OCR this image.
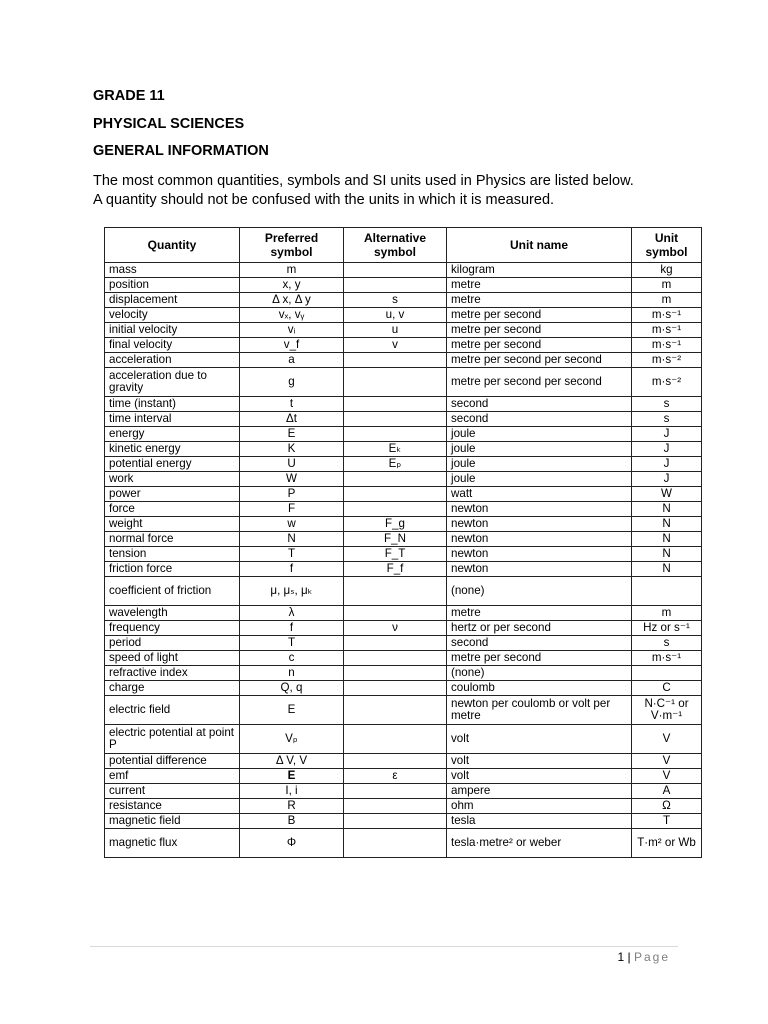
GRADE 11

PHYSICAL SCIENCES

GENERAL INFORMATION

The most common quantities, symbols and SI units used in Physics are listed below.

A quantity should not be confused with the units in which it is measured.

Quantity	Preferred symbol	Alternative symbol	Unit name	Unit symbol
mass	m		kilogram	kg
position	x, y		metre	m
displacement	Δ x, Δ y	s	metre	m
velocity	vₓ, vᵧ	u, v	metre per second	m·s⁻¹
initial velocity	vᵢ	u	metre per second	m·s⁻¹
final velocity	v_f	v	metre per second	m·s⁻¹
acceleration	a		metre per second per second	m·s⁻²
acceleration due to gravity	g		metre per second per second	m·s⁻²
time (instant)	t		second	s
time interval	Δt		second	s
energy	E		joule	J
kinetic energy	K	Eₖ	joule	J
potential energy	U	Eₚ	joule	J
work	W		joule	J
power	P		watt	W
force	F		newton	N
weight	w	F_g	newton	N
normal force	N	F_N	newton	N
tension	T	F_T	newton	N
friction force	f	F_f	newton	N
coefficient of friction	μ, μₛ, μₖ		(none)	
wavelength	λ		metre	m
frequency	f	ν	hertz or per second	Hz or s⁻¹
period	T		second	s
speed of light	c		metre per second	m·s⁻¹
refractive index	n		(none)	
charge	Q, q		coulomb	C
electric field	E		newton per coulomb or volt per metre	N·C⁻¹ or V·m⁻¹
electric potential at point P	Vₚ		volt	V
potential difference	Δ V, V		volt	V
emf	E	ε	volt	V
current	I, i		ampere	A
resistance	R		ohm	Ω
magnetic field	B		tesla	T
magnetic flux	Φ		tesla·metre² or weber	T·m² or Wb
1 | Page
